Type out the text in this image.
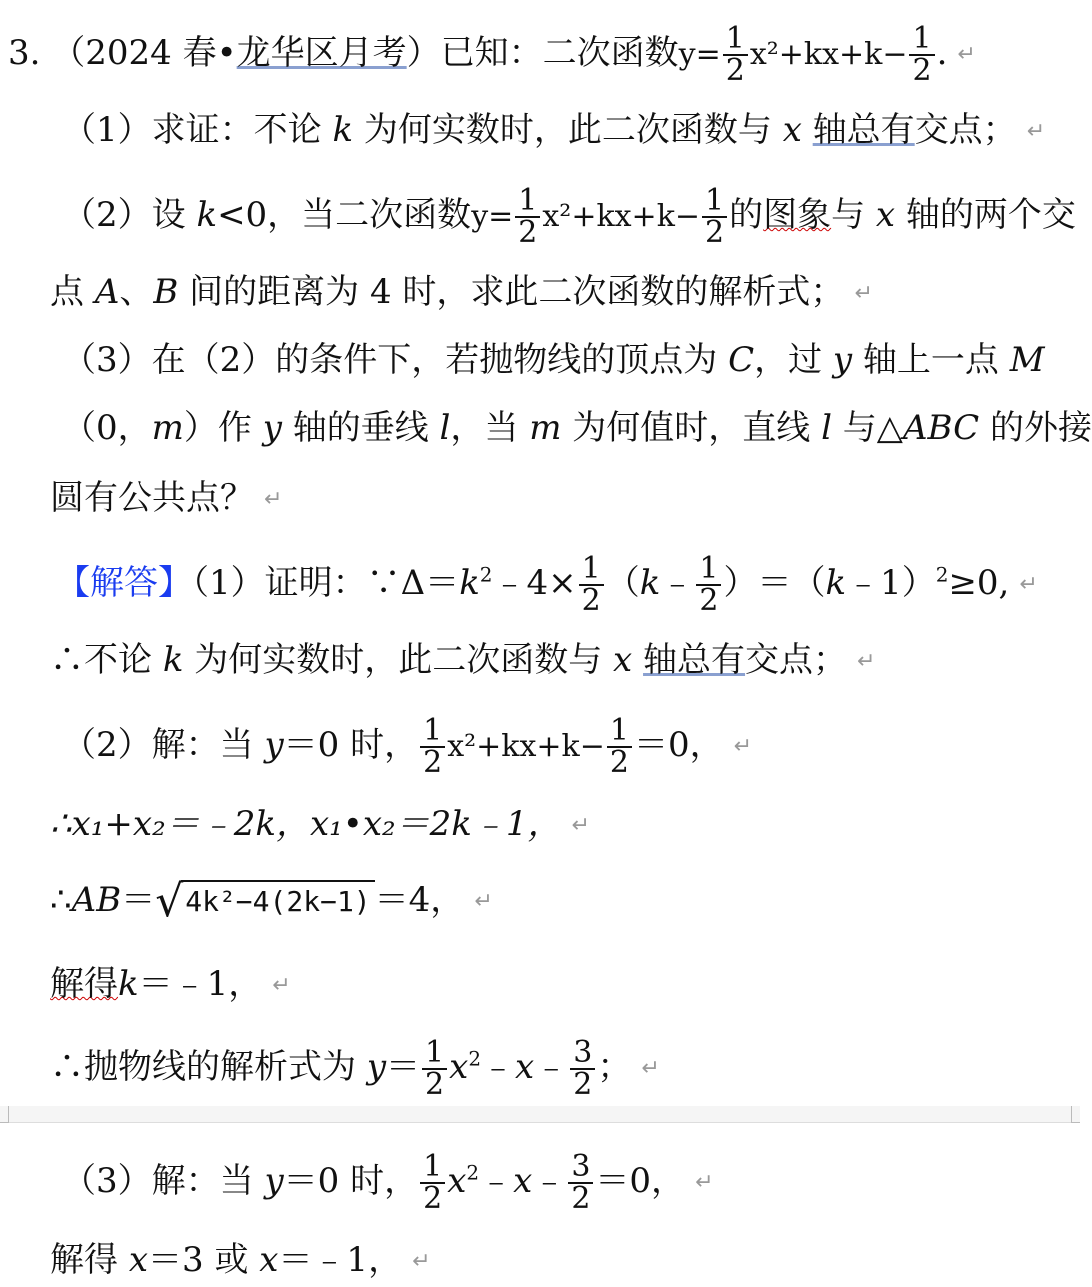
3. （2024 春•龙华区月考）已知：二次函数$y= \frac{1}{2} x^2+kx+k- \frac{1}{2}$ . ↵
（1）求证：不论 k 为何实数时，此二次函数与 x 轴总有交点； ↵
（2）设 k<0，当二次函数$y= \frac{1}{2} x^2+kx+k- \frac{1}{2}$ 的图象与 x 轴的两个交
点 A、B 间的距离为 4 时，求此二次函数的解析式； ↵
（3）在（2）的条件下，若抛物线的顶点为 C，过 y 轴上一点 M
（0，m）作 y 轴的垂线 l，当 m 为何值时，直线 l 与△ABC 的外接
圆有公共点？ ↵
【解答】（1）证明：$\because\Delta=k^2﹣4\times \frac{1}{2}$ （k﹣ $\frac{1}{2}$ ）＝（k﹣1）$^2$≥0, ↵
∴不论 k 为何实数时，此二次函数与 x 轴总有交点； ↵
（2）解：当 y＝0 时， $\frac{1}{2} x^2+kx+k- \frac{1}{2} =0$， ↵
∴x₁+x₂＝﹣2k，x₁•x₂＝2k﹣1， ↵
∴AB＝√4k²−4(2k−1) ＝4， ↵
解得k＝﹣1， ↵
∴抛物线的解析式为 $y= \frac{1}{2}$ $x^2﹣x﹣ \frac{3}{2}$ ； ↵
（3）解：当 y＝0 时， $\frac{1}{2}$ $x^2﹣x﹣ \frac{3}{2} =0$， ↵
解得 x＝3 或 x＝﹣1， ↵
